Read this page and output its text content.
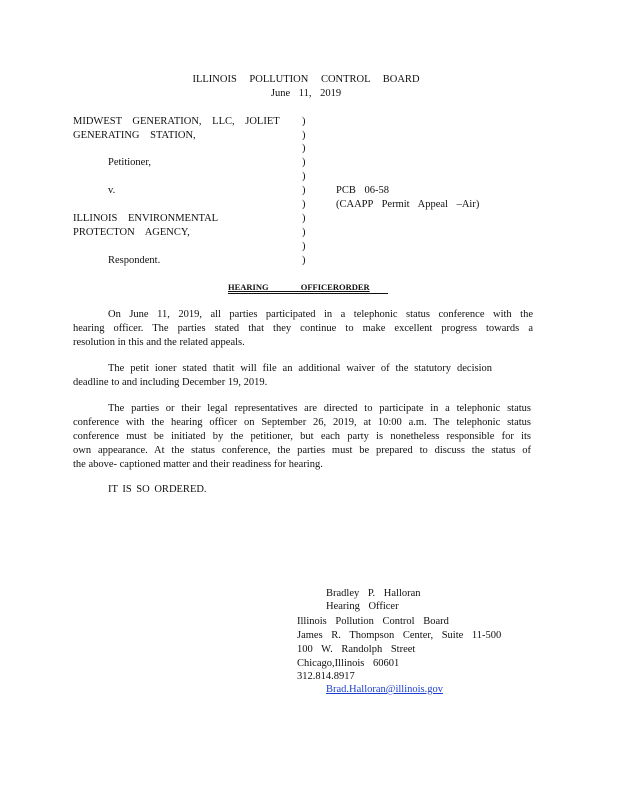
ILLINOIS POLLUTION CONTROL BOARD
June 11, 2019
MIDWEST GENERATION, LLC, JOLIET
GENERATING STATION,
Petitioner,
v.
ILLINOIS ENVIRONMENTAL
PROTECTON AGENCY,
Respondent.
)
)
)
)
)
)
)
)
)
)
)
PCB 06-58
(CAAPP Permit Appeal –Air)
HEARING OFFICERORDER
On June 11, 2019, all parties participated in a telephonic status conference with the
hearing officer. The parties stated that they continue to make excellent progress towards a
resolution in this and the related appeals.
The petit ioner stated thatit will file an additional waiver of the statutory decision
deadline to and including December 19, 2019.
The parties or their legal representatives are directed to participate in a telephonic status
conference with the hearing officer on September 26, 2019, at 10:00 a.m. The telephonic status
conference must be initiated by the petitioner, but each party is nonetheless responsible for its
own appearance. At the status conference, the parties must be prepared to discuss the status of
the above- captioned matter and their readiness for hearing.
IT IS SO ORDERED.
Bradley P. Halloran
Hearing Officer
Illinois Pollution Control Board
James R. Thompson Center, Suite 11-500
100 W. Randolph Street
Chicago,Illinois 60601
312.814.8917
Brad.Halloran@illinois.gov
